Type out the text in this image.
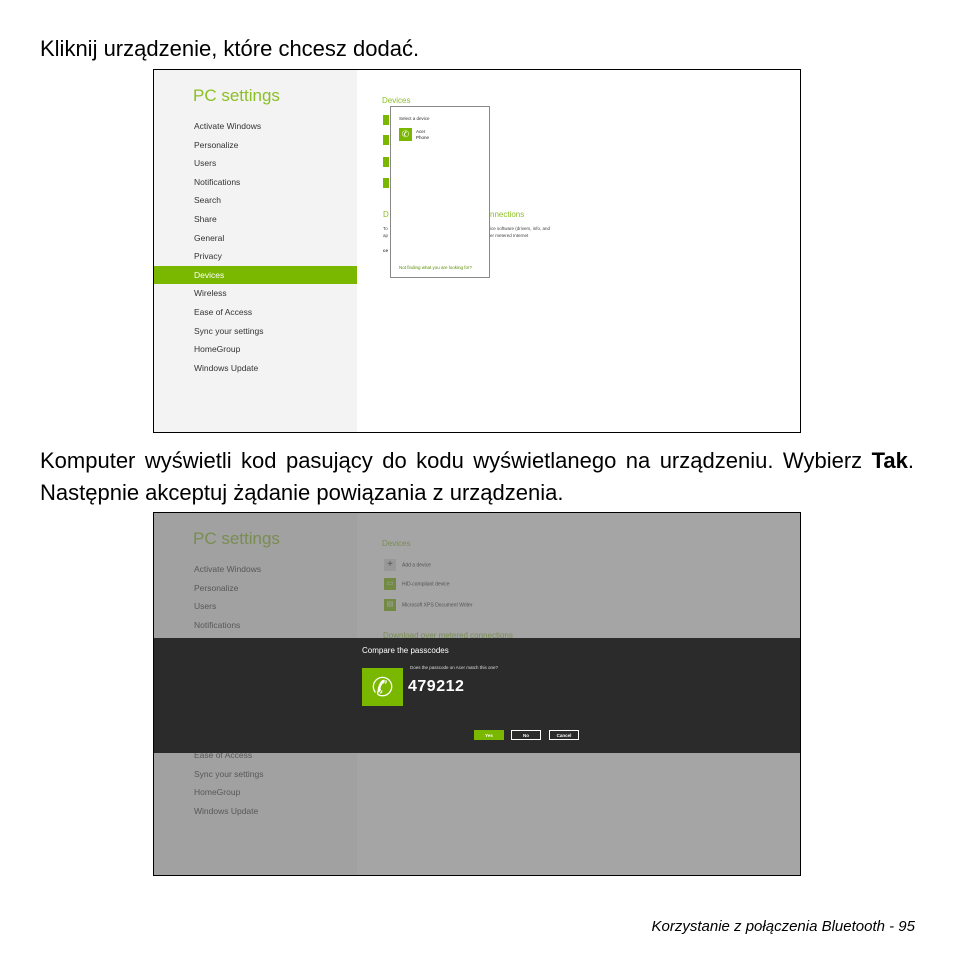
Kliknij urządzenie, które chcesz dodać.
PC settings
Activate Windows
Personalize
Users
Notifications
Search
Share
General
Privacy
Devices
Wireless
Ease of Access
Sync your settings
HomeGroup
Windows Update
Devices
D	nnections
To
ap
ce
ice software (drivers, info, and
er metered Internet
Select a device
✆	Acer
Phone
Not finding what you are looking for?
Komputer wyświetli kod pasujący do kodu wyświetlanego na urządzeniu. Wybierz Tak. Następnie akceptuj żądanie powiązania z urządzenia.
Compare the passcodes
Does the passcode on Acer match this one?
✆ 479212
Yes	No	Cancel
Korzystanie z połączenia Bluetooth - 95
